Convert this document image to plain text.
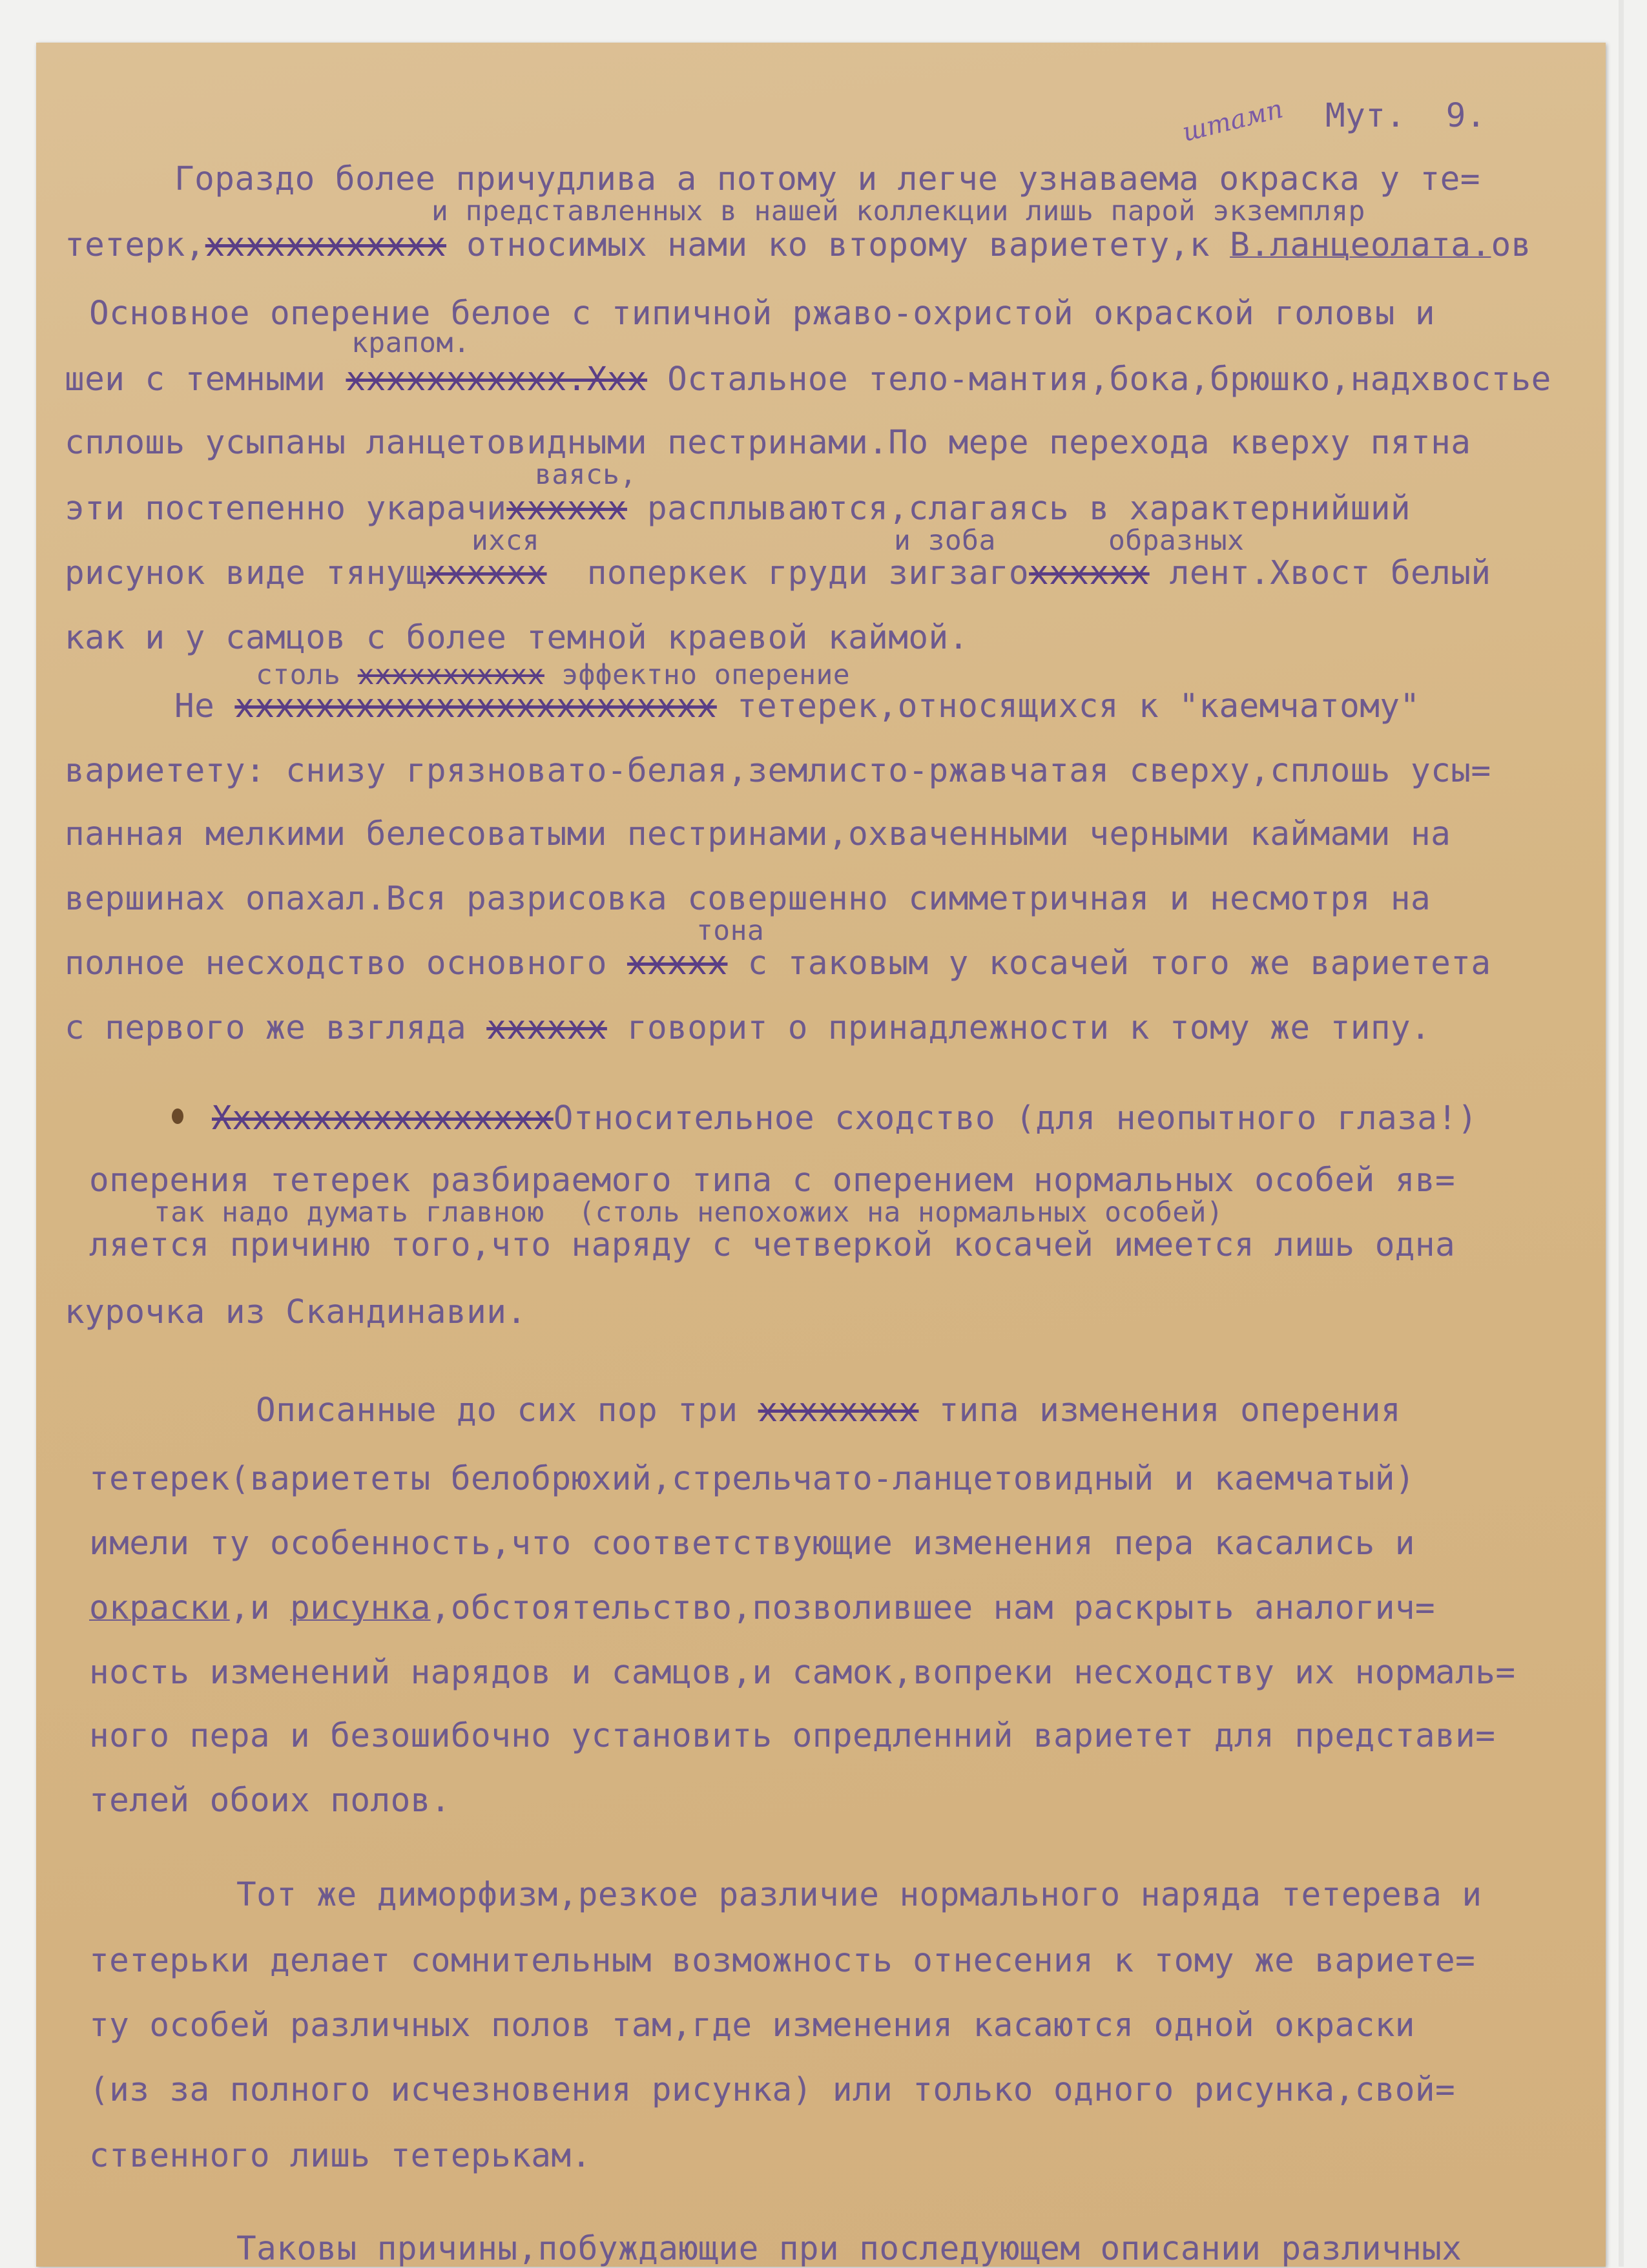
штамп Мут.  9.
Гораздо более причудлива а потому и легче узнаваема окраска у те=
и представленных в нашей коллекции лишь парой экземпляр
тетерк,хххххххххххх относимых нами ко второму вариетету,к В.ланцеолата.ов
Основное оперение белое с типичной ржаво-охристой окраской головы и
крапом.
шеи с темными ххххххххххх.Ххх Остальное тело-мантия,бока,брюшко,надхвостье
сплошь усыпаны ланцетовидными пестринами.По мере перехода кверху пятна
ваясь,
эти постепенно укарачихххххх расплываются,слагаясь в характернийший
ихся	и зоба	образных
рисунок виде тянущхххххх  поперкек груди зигзагохххххх лент.Хвост белый
как и у самцов с более темной краевой каймой.
столь ххххххххххх эффектно оперение
Не хххххххххххххххххххххххх тетерек,относящихся к "каемчатому"
вариетету: снизу грязновато-белая,землисто-ржавчатая сверху,сплошь усы=
панная мелкими белесоватыми пестринами,охваченными черными каймами на
вершинах опахал.Вся разрисовка совершенно симметричная и несмотря на
тона
полное несходство основного ххххх с таковым у косачей того же вариетета
с первого же взгляда хххххх говорит о принадлежности к тому же типу.
ХххххххххххххххххОтносительное сходство (для неопытного глаза!)
оперения тетерек разбираемого типа с оперением нормальных особей яв=
так надо думать главною  (столь непохожих на нормальных особей)
ляется причиню того,что наряду с четверкой косачей имеется лишь одна
курочка из Скандинавии.
Описанные до сих пор три хххххххх типа изменения оперения
тетерек(вариететы белобрюхий,стрельчато-ланцетовидный и каемчатый)
имели ту особенность,что соответствующие изменения пера касались и
окраски,и рисунка,обстоятельство,позволившее нам раскрыть аналогич=
ность изменений нарядов и самцов,и самок,вопреки несходству их нормаль=
ного пера и безошибочно установить опредленний вариетет для представи=
телей обоих полов.
Тот же диморфизм,резкое различие нормального наряда тетерева и
тетерьки делает сомнительным возможность отнесения к тому же вариете=
ту особей различных полов там,где изменения касаются одной окраски
(из за полного исчезновения рисунка) или только одного рисунка,свой=
ственного лишь тетерькам.
Таковы причины,побуждающие при последующем описании различных
